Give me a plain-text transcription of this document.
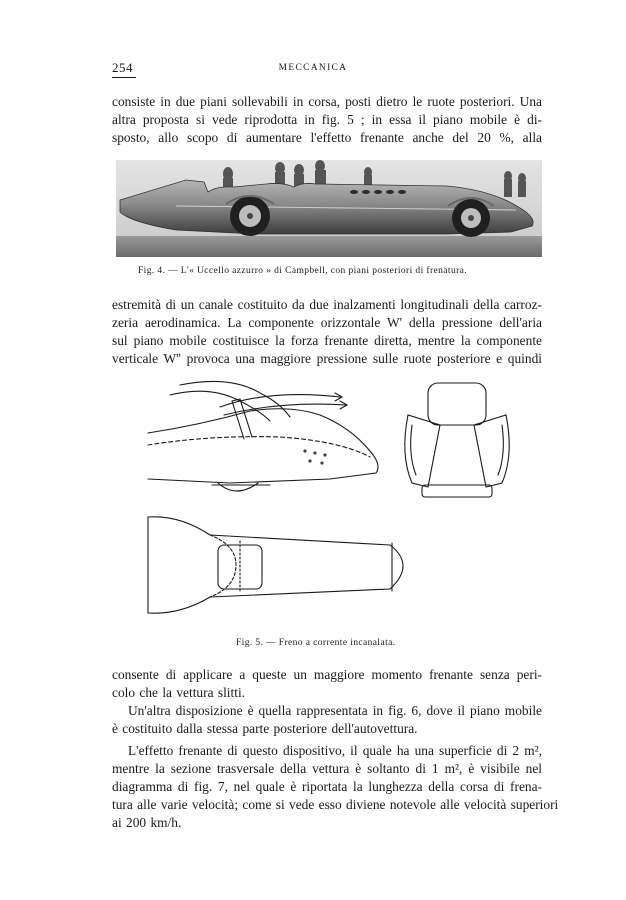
254	MECCANICA
consiste in due piani sollevabili in corsa, posti dietro le ruote posteriori. Una
altra proposta si vede riprodotta in fig. 5 ; in essa il piano mobile è di-
sposto, allo scopo di aumentare l'effetto frenante anche del 20 %, alla
Fig. 4. — L'« Uccello azzurro » di Campbell, con piani posteriori di frenatura.
estremità di un canale costituito da due inalzamenti longitudinali della carroz-
zeria aerodinamica. La componente orizzontale W' della pressione dell'aria
sul piano mobile costituisce la forza frenante diretta, mentre la componente
verticale W'' provoca una maggiore pressione sulle ruote posteriore e quindi
Fig. 5. — Freno a corrente incanalata.
consente di applicare a queste un maggiore momento frenante senza peri-
colo che la vettura slitti.
Un'altra disposizione è quella rappresentata in fig. 6, dove il piano mobile
è costituito dalla stessa parte posteriore dell'autovettura.
L'effetto frenante di questo dispositivo, il quale ha una superficie di 2 m²,
mentre la sezione trasversale della vettura è soltanto di 1 m², è visibile nel
diagramma di fig. 7, nel quale è riportata la lunghezza della corsa di frena-
tura alle varie velocità; come si vede esso diviene notevole alle velocità superiori
ai 200 km/h.
